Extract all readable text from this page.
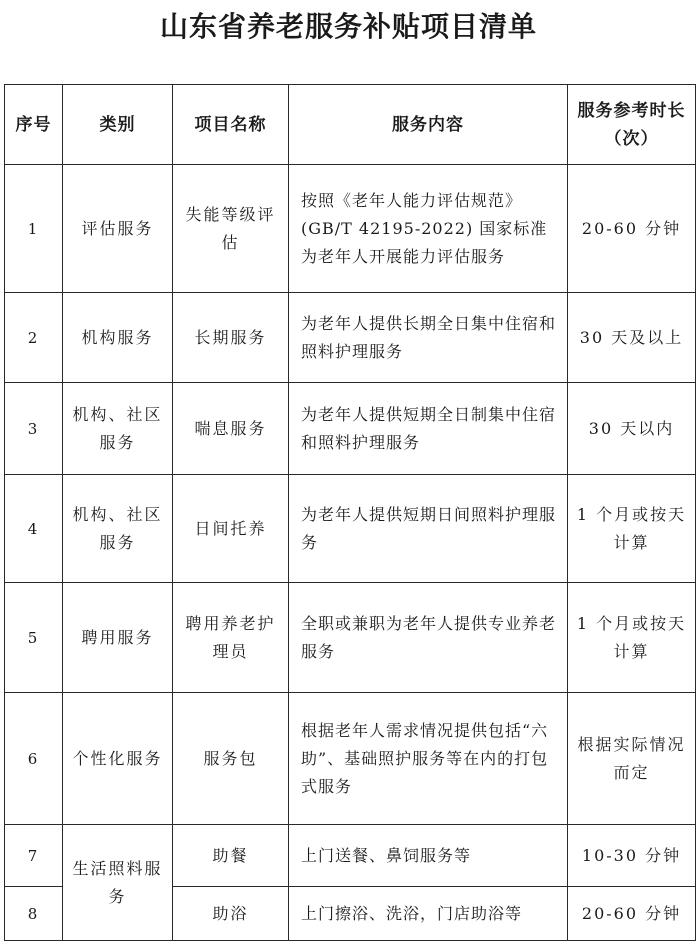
山东省养老服务补贴项目清单
序号	类别	项目名称	服务内容	服务参考时长（次）
1	评估服务	失能等级评估	按照《老年人能力评估规范》(GB/T 42195-2022) 国家标准为老年人开展能力评估服务	20-60 分钟
2	机构服务	长期服务	为老年人提供长期全日集中住宿和照料护理服务	30 天及以上
3	机构、社区服务	喘息服务	为老年人提供短期全日制集中住宿和照料护理服务	30 天以内
4	机构、社区服务	日间托养	为老年人提供短期日间照料护理服务	1 个月或按天计算
5	聘用服务	聘用养老护理员	全职或兼职为老年人提供专业养老服务	1 个月或按天计算
6	个性化服务	服务包	根据老年人需求情况提供包括“六助”、基础照护服务等在内的打包式服务	根据实际情况而定
7	生活照料服务	助餐	上门送餐、鼻饲服务等	10-30 分钟
8		助浴	上门擦浴、洗浴，门店助浴等	20-60 分钟
